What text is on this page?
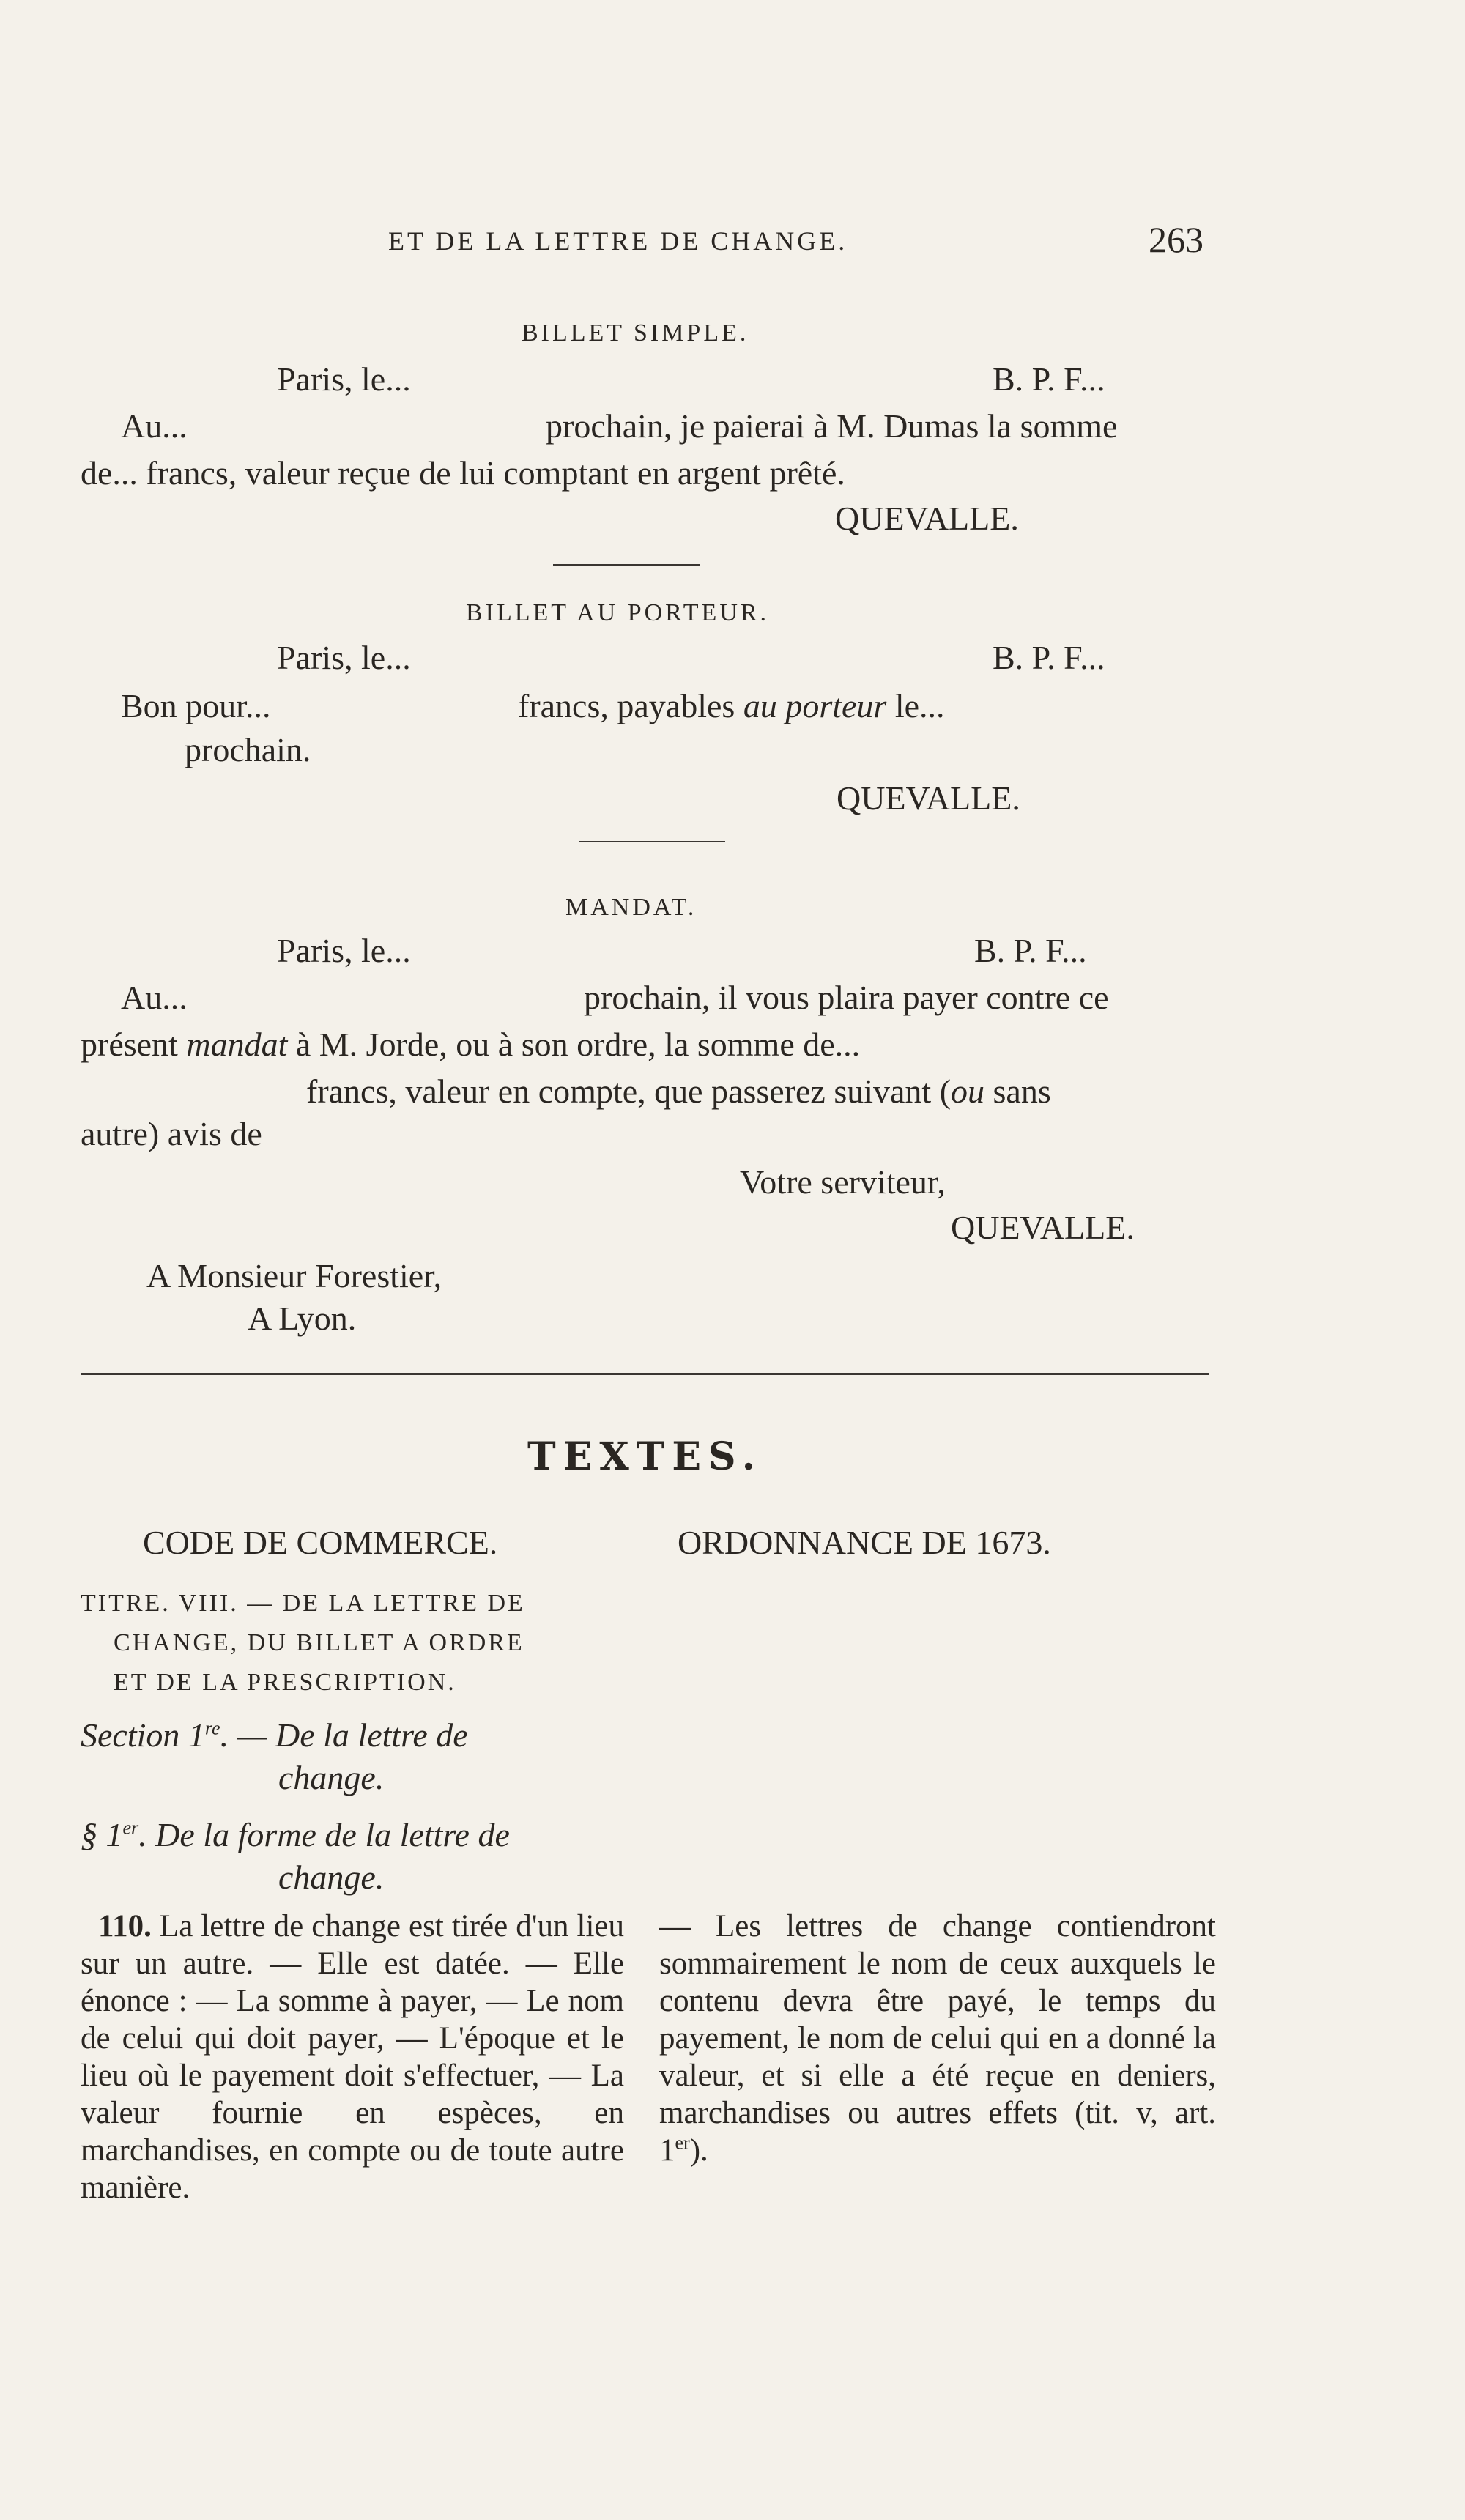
ET DE LA LETTRE DE CHANGE.	263
BILLET SIMPLE.
Paris, le...	B. P. F...
Au...	prochain, je paierai à M. Dumas la somme
de... francs, valeur reçue de lui comptant en argent prêté.
QUEVALLE.
BILLET AU PORTEUR.
Paris, le...	B. P. F...
Bon pour...	francs, payables au porteur le...
prochain.
QUEVALLE.
MANDAT.
Paris, le...	B. P. F...
Au...	prochain, il vous plaira payer contre ce
présent mandat à M. Jorde, ou à son ordre, la somme de...
francs, valeur en compte, que passerez suivant (ou sans
autre) avis de
Votre serviteur,
QUEVALLE.
A Monsieur Forestier,
A Lyon.
TEXTES.
CODE DE COMMERCE.	ORDONNANCE DE 1673.
TITRE. VIII. — DE LA LETTRE DE
CHANGE, DU BILLET A ORDRE
ET DE LA PRESCRIPTION.
Section 1re. — De la lettre de
change.
§ 1er. De la forme de la lettre de
change.

110. La lettre de change est tirée d'un lieu sur un autre. — Elle est datée. — Elle énonce : — La somme à payer, — Le nom de celui qui doit payer, — L'époque et le lieu où le payement doit s'effectuer, — La valeur fournie en espèces, en marchandises, en compte ou de toute autre manière.

— Les lettres de change contiendront sommairement le nom de ceux auxquels le contenu devra être payé, le temps du payement, le nom de celui qui en a donné la valeur, et si elle a été reçue en deniers, marchandises ou autres effets (tit. v, art. 1er).
